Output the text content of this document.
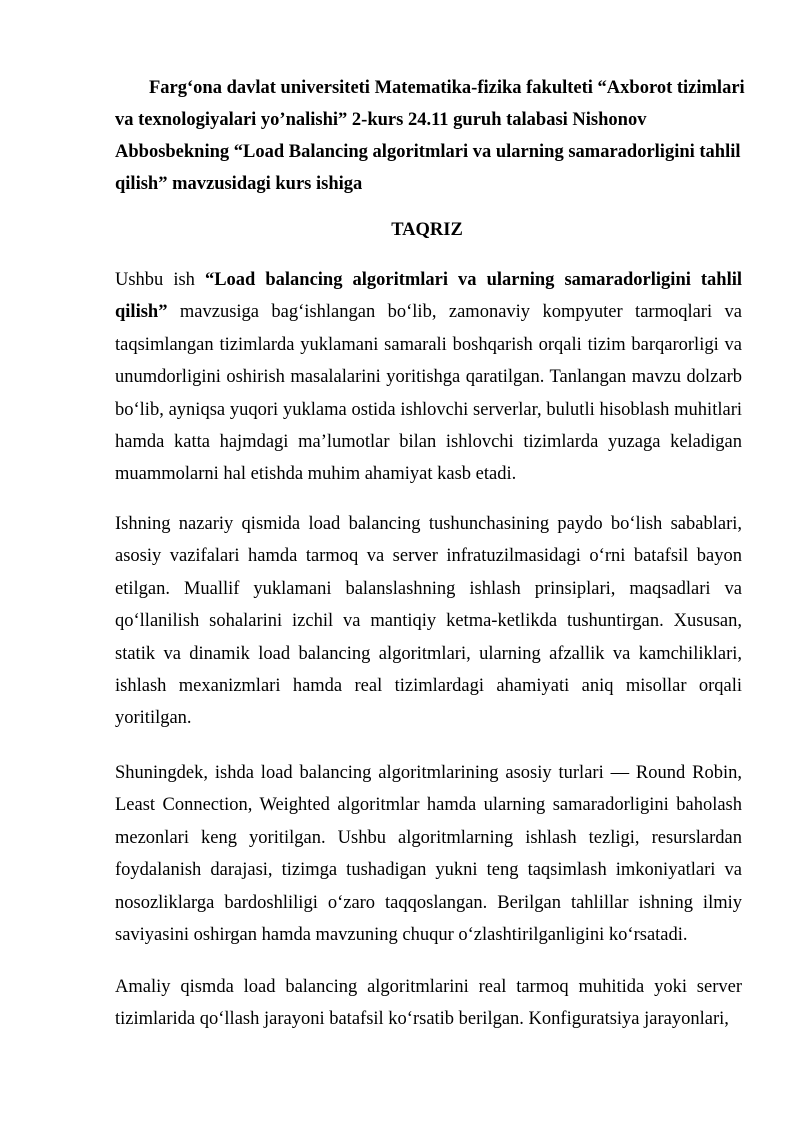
Farg‘ona davlat universiteti Matematika-fizika fakulteti “Axborot tizimlari va texnologiyalari yo’nalishi” 2-kurs 24.11 guruh talabasi Nishonov Abbosbekning “Load Balancing algoritmlari va ularning samaradorligini tahlil qilish” mavzusidagi kurs ishiga
TAQRIZ

Ushbu ish “Load balancing algoritmlari va ularning samaradorligini tahlil qilish” mavzusiga bag‘ishlangan bo‘lib, zamonaviy kompyuter tarmoqlari va taqsimlangan tizimlarda yuklamani samarali boshqarish orqali tizim barqarorligi va unumdorligini oshirish masalalarini yoritishga qaratilgan. Tanlangan mavzu dolzarb bo‘lib, ayniqsa yuqori yuklama ostida ishlovchi serverlar, bulutli hisoblash muhitlari hamda katta hajmdagi ma’lumotlar bilan ishlovchi tizimlarda yuzaga keladigan muammolarni hal etishda muhim ahamiyat kasb etadi.

Ishning nazariy qismida load balancing tushunchasining paydo bo‘lish sabablari, asosiy vazifalari hamda tarmoq va server infratuzilmasidagi o‘rni batafsil bayon etilgan. Muallif yuklamani balanslashning ishlash prinsiplari, maqsadlari va qo‘llanilish sohalarini izchil va mantiqiy ketma-ketlikda tushuntirgan. Xususan, statik va dinamik load balancing algoritmlari, ularning afzallik va kamchiliklari, ishlash mexanizmlari hamda real tizimlardagi ahamiyati aniq misollar orqali yoritilgan.

Shuningdek, ishda load balancing algoritmlarining asosiy turlari — Round Robin, Least Connection, Weighted algoritmlar hamda ularning samaradorligini baholash mezonlari keng yoritilgan. Ushbu algoritmlarning ishlash tezligi, resurslardan foydalanish darajasi, tizimga tushadigan yukni teng taqsimlash imkoniyatlari va nosozliklarga bardoshliligi o‘zaro taqqoslangan. Berilgan tahlillar ishning ilmiy saviyasini oshirgan hamda mavzuning chuqur o‘zlashtirilganligini ko‘rsatadi.

Amaliy qismda load balancing algoritmlarini real tarmoq muhitida yoki server tizimlarida qo‘llash jarayoni batafsil ko‘rsatib berilgan. Konfiguratsiya jarayonlari,
